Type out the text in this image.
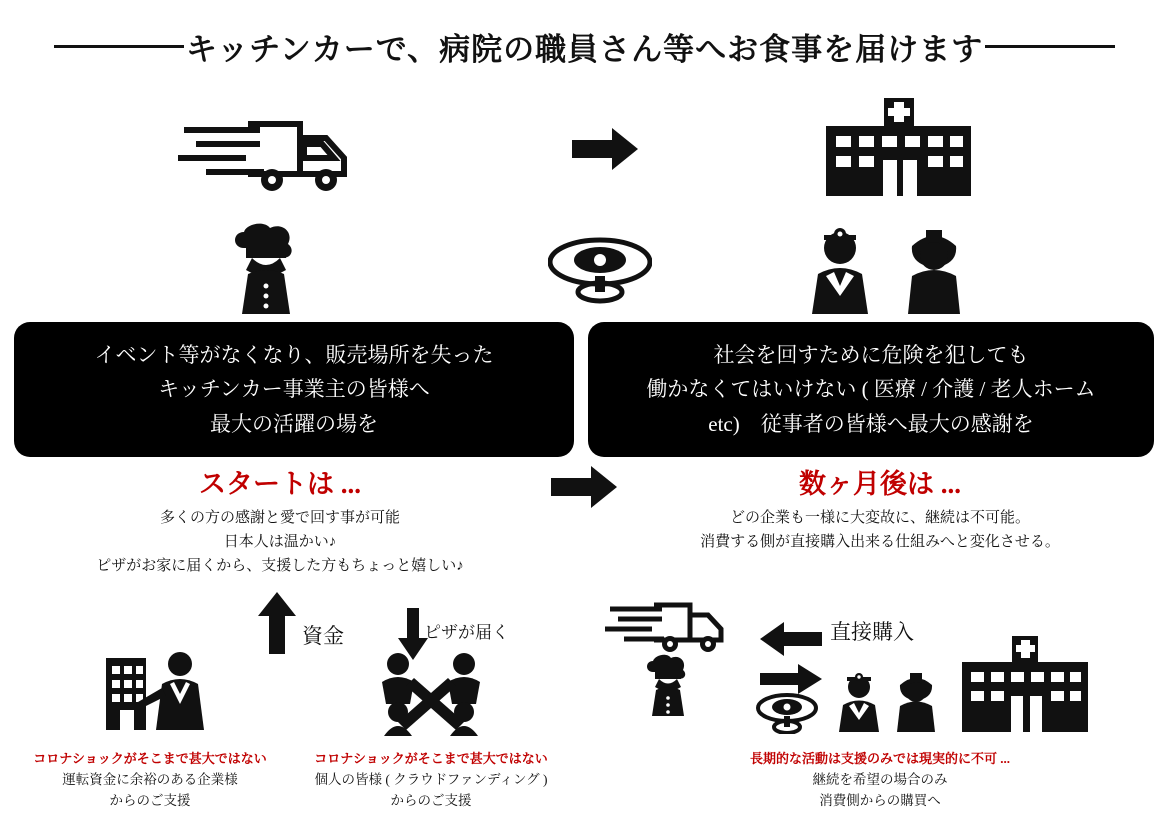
キッチンカーで、病院の職員さん等へお食事を届けます
イベント等がなくなり、販売場所を失った
キッチンカー事業主の皆様へ
最大の活躍の場を
社会を回すために危険を犯しても
働かなくてはいけない ( 医療 / 介護 / 老人ホーム
etc)　従事者の皆様へ最大の感謝を
スタートは ...
多くの方の感謝と愛で回す事が可能
日本人は温かい♪
ピザがお家に届くから、支援した方もちょっと嬉しい♪
資金	ピザが届く
コロナショックがそこまで甚大ではない
運転資金に余裕のある企業様
からのご支援
コロナショックがそこまで甚大ではない
個人の皆様 ( クラウドファンディング )
からのご支援
数ヶ月後は ...
どの企業も一様に大変故に、継続は不可能。
消費する側が直接購入出来る仕組みへと変化させる。
直接購入
長期的な活動は支援のみでは現実的に不可 ...
継続を希望の場合のみ
消費側からの購買へ
